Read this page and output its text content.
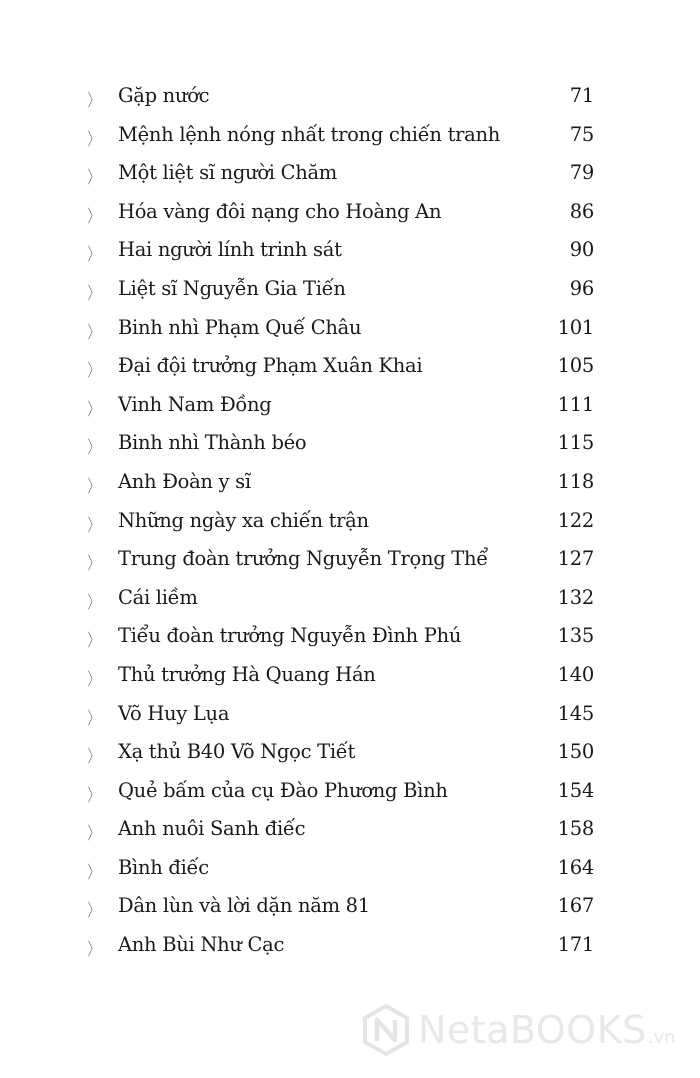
〉 Gặp nước	71
〉 Mệnh lệnh nóng nhất trong chiến tranh	75
〉 Một liệt sĩ người Chăm	79
〉 Hóa vàng đôi nạng cho Hoàng An	86
〉 Hai người lính trinh sát	90
〉 Liệt sĩ Nguyễn Gia Tiến	96
〉 Binh nhì Phạm Quế Châu	101
〉 Đại đội trưởng Phạm Xuân Khai	105
〉 Vinh Nam Đồng	111
〉 Binh nhì Thành béo	115
〉 Anh Đoàn y sĩ	118
〉 Những ngày xa chiến trận	122
〉 Trung đoàn trưởng Nguyễn Trọng Thể	127
〉 Cái liềm	132
〉 Tiểu đoàn trưởng Nguyễn Đình Phú	135
〉 Thủ trưởng Hà Quang Hán	140
〉 Võ Huy Lụa	145
〉 Xạ thủ B40 Võ Ngọc Tiết	150
〉 Quẻ bấm của cụ Đào Phương Bình	154
〉 Anh nuôi Sanh điếc	158
〉 Bình điếc	164
〉 Dân lùn và lời dặn năm 81	167
〉 Anh Bùi Như Cạc	171
NetaBOOKS .vn
